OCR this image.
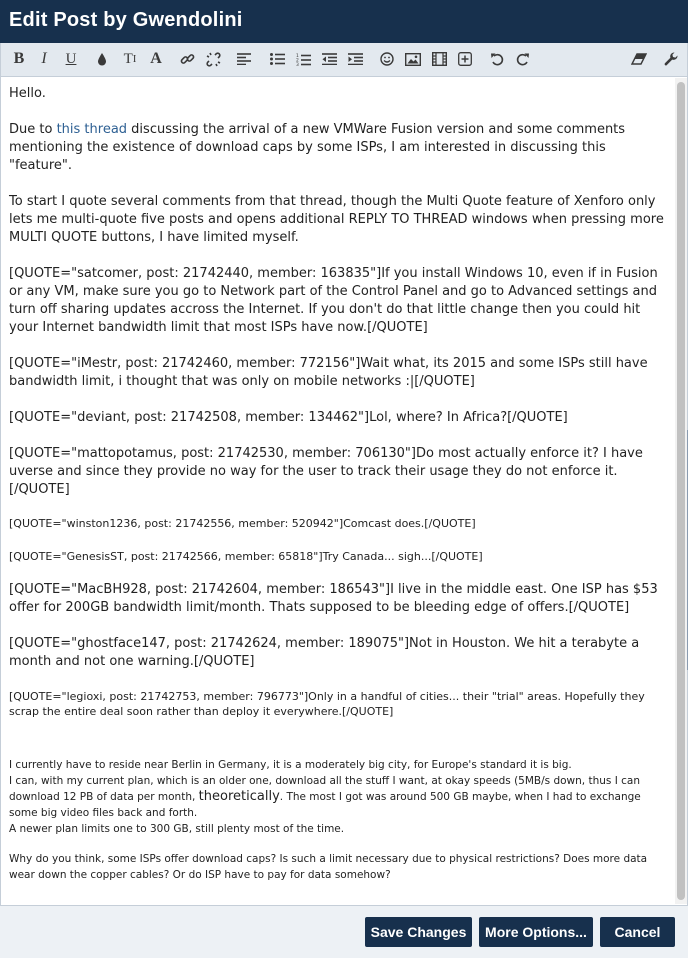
Edit Post by Gwendolini
B	I	U	T I A	1
2
3

Hello.

Due to this thread discussing the arrival of a new VMWare Fusion version and some comments mentioning the existence of download caps by some ISPs, I am interested in discussing this "feature".

To start I quote several comments from that thread, though the Multi Quote feature of Xenforo only lets me multi-quote five posts and opens additional REPLY TO THREAD windows when pressing more MULTI QUOTE buttons, I have limited myself.

[QUOTE="satcomer, post: 21742440, member: 163835"]If you install Windows 10, even if in Fusion or any VM, make sure you go to Network part of the Control Panel and go to Advanced settings and turn off sharing updates accross the Internet. If you don't do that little change then you could hit your Internet bandwidth limit that most ISPs have now.[/QUOTE]

[QUOTE="iMestr, post: 21742460, member: 772156"]Wait what, its 2015 and some ISPs still have bandwidth limit, i thought that was only on mobile networks :|[/QUOTE]

[QUOTE="deviant, post: 21742508, member: 134462"]Lol, where? In Africa?[/QUOTE]

[QUOTE="mattopotamus, post: 21742530, member: 706130"]Do most actually enforce it? I have uverse and since they provide no way for the user to track their usage they do not enforce it.[/QUOTE]

[QUOTE="winston1236, post: 21742556, member: 520942"]Comcast does.[/QUOTE]

[QUOTE="GenesisST, post: 21742566, member: 65818"]Try Canada... sigh...[/QUOTE]

[QUOTE="MacBH928, post: 21742604, member: 186543"]I live in the middle east. One ISP has $53 offer for 200GB bandwidth limit/month. Thats supposed to be bleeding edge of offers.[/QUOTE]

[QUOTE="ghostface147, post: 21742624, member: 189075"]Not in Houston. We hit a terabyte a month and not one warning.[/QUOTE]

[QUOTE="legioxi, post: 21742753, member: 796773"]Only in a handful of cities... their "trial" areas. Hopefully they scrap the entire deal soon rather than deploy it everywhere.[/QUOTE]

I currently have to reside near Berlin in Germany, it is a moderately big city, for Europe's standard it is big.

I can, with my current plan, which is an older one, download all the stuff I want, at okay speeds (5MB/s down, thus I can download 12 PB of data per month, theoretically. The most I got was around 500 GB maybe, when I had to exchange some big video files back and forth.

A newer plan limits one to 300 GB, still plenty most of the time.

Why do you think, some ISPs offer download caps? Is such a limit necessary due to physical restrictions? Does more data wear down the copper cables? Or do ISP have to pay for data somehow?

Save Changes	More Options...	Cancel
